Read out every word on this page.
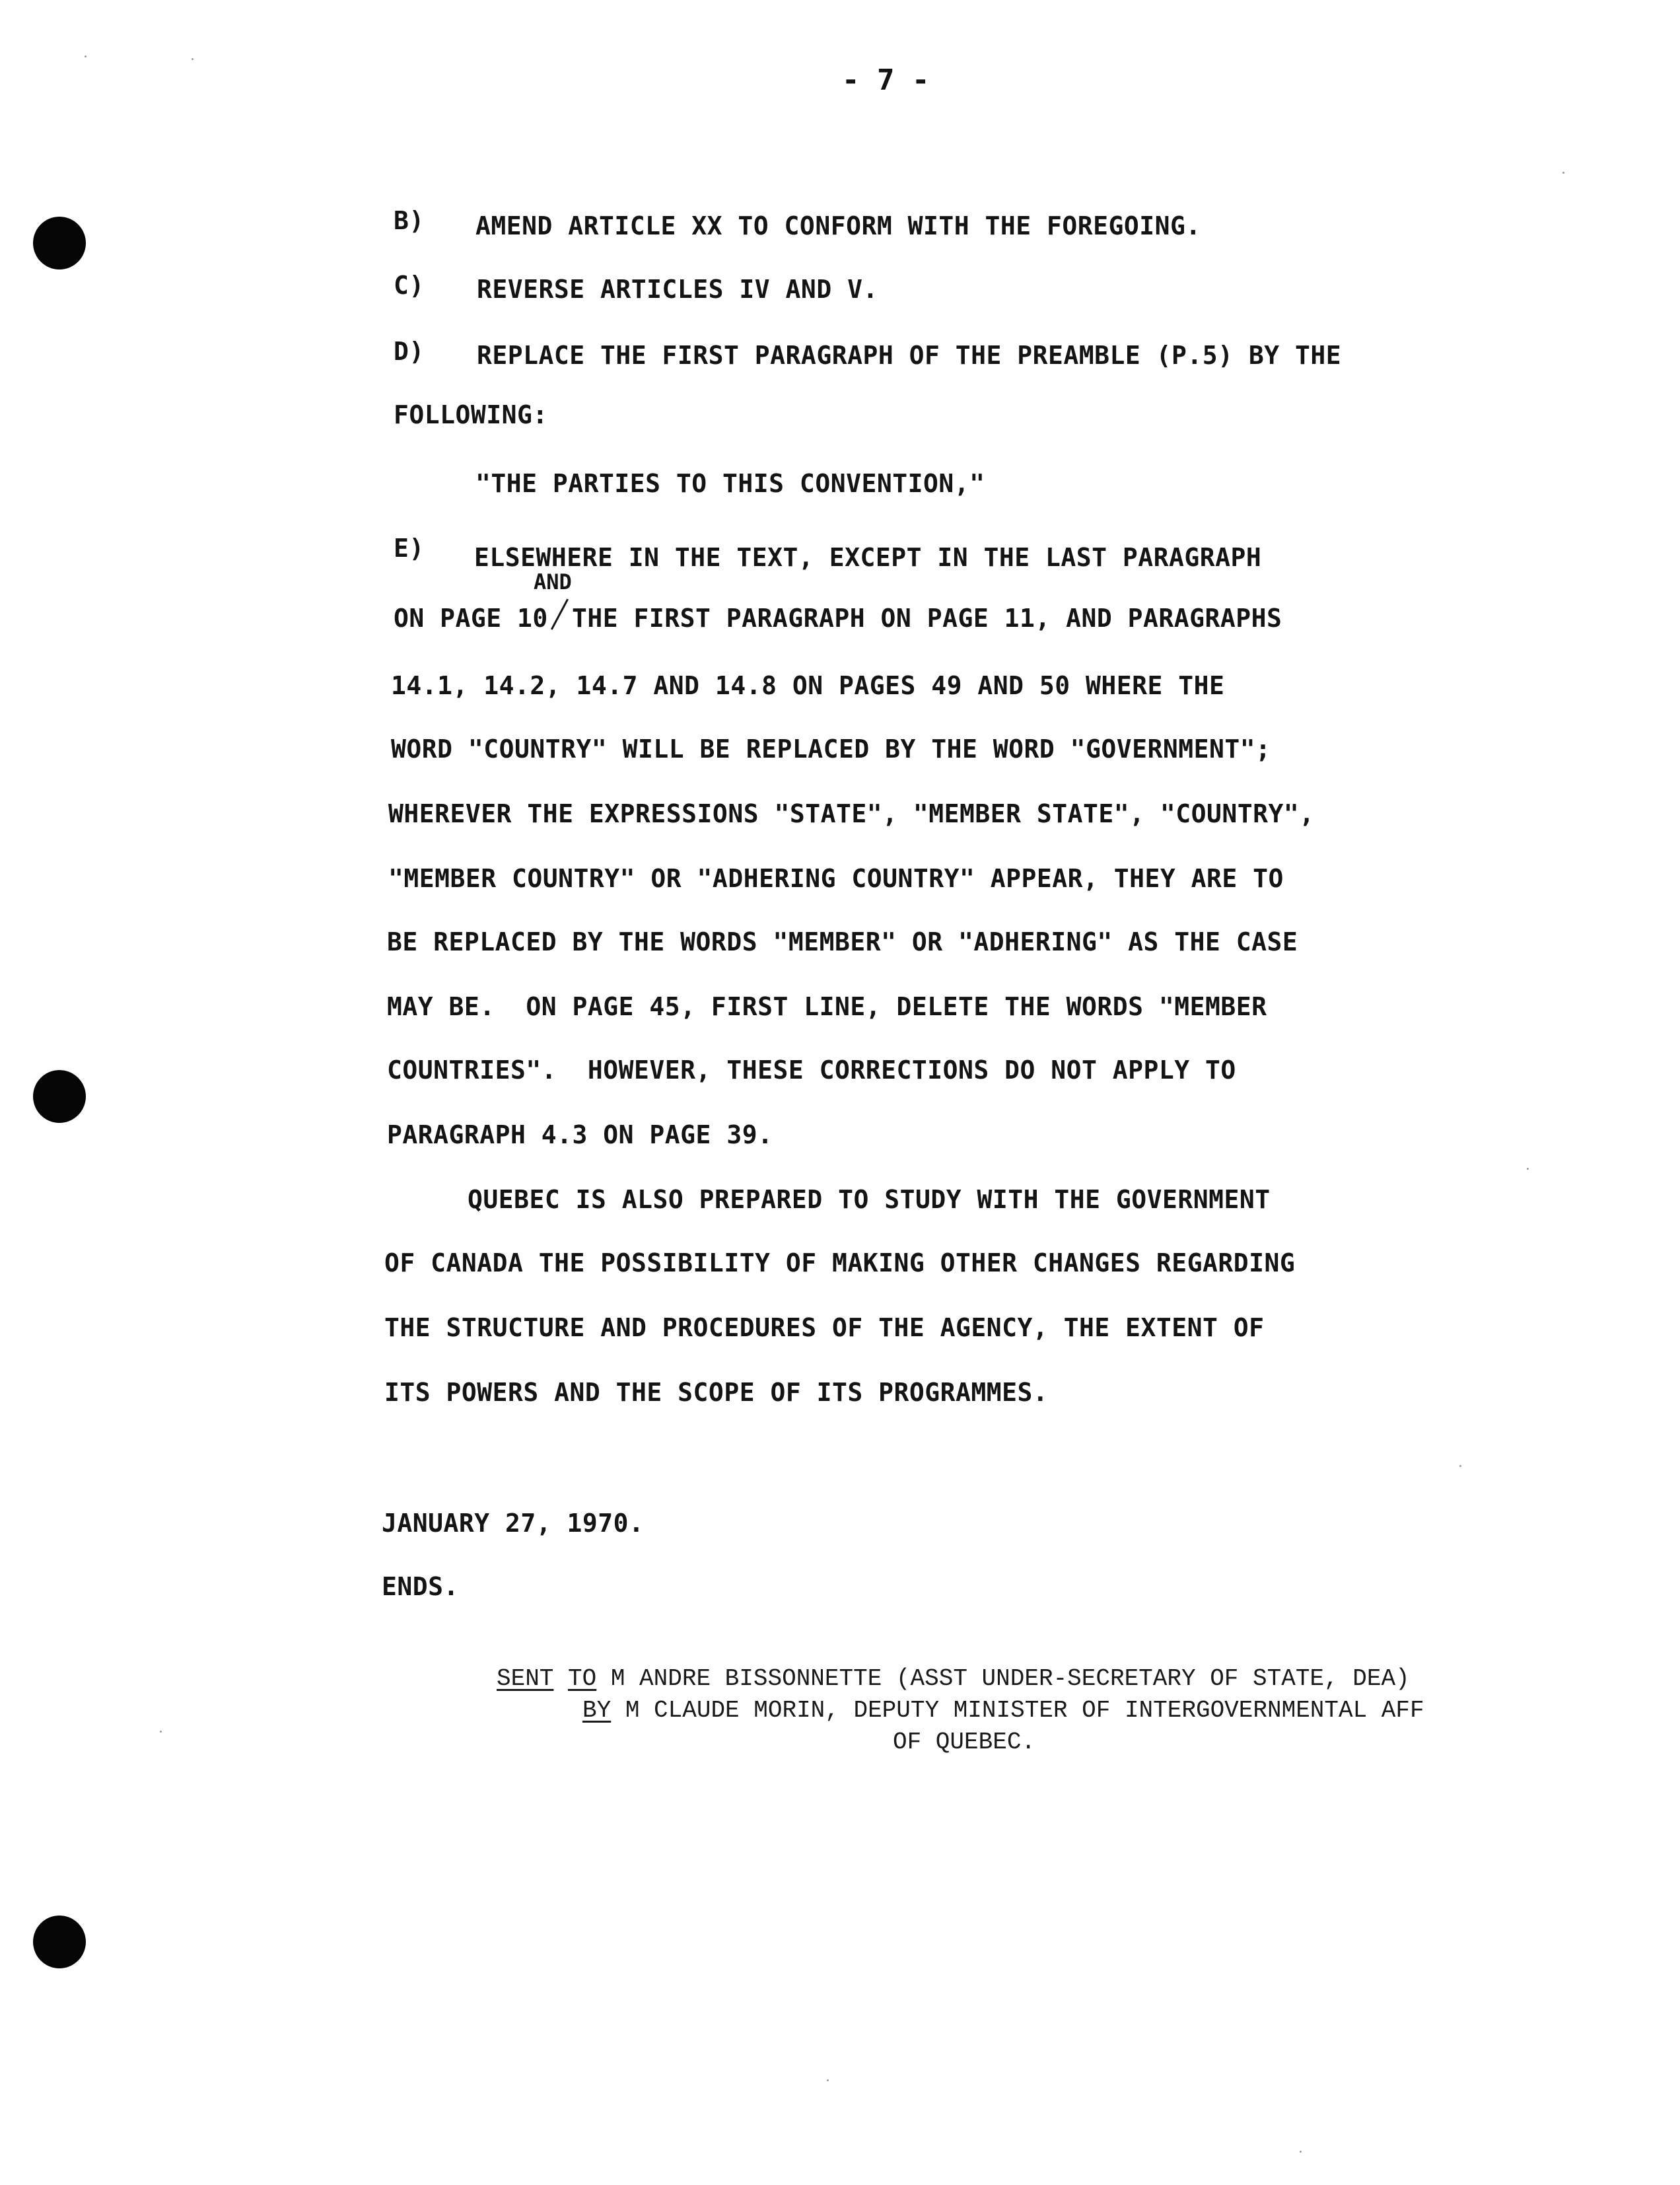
- 7 -
B) AMEND ARTICLE XX TO CONFORM WITH THE FOREGOING.
C) REVERSE ARTICLES IV AND V.
D) REPLACE THE FIRST PARAGRAPH OF THE PREAMBLE (P.5) BY THE
FOLLOWING:
"THE PARTIES TO THIS CONVENTION,"
E) ELSEWHERE IN THE TEXT, EXCEPT IN THE LAST PARAGRAPH
AND
ON PAGE 10 THE FIRST PARAGRAPH ON PAGE 11, AND PARAGRAPHS
14.1, 14.2, 14.7 AND 14.8 ON PAGES 49 AND 50 WHERE THE
WORD "COUNTRY" WILL BE REPLACED BY THE WORD "GOVERNMENT";
WHEREVER THE EXPRESSIONS "STATE", "MEMBER STATE", "COUNTRY",
"MEMBER COUNTRY" OR "ADHERING COUNTRY" APPEAR, THEY ARE TO
BE REPLACED BY THE WORDS "MEMBER" OR "ADHERING" AS THE CASE
MAY BE.  ON PAGE 45, FIRST LINE, DELETE THE WORDS "MEMBER
COUNTRIES".  HOWEVER, THESE CORRECTIONS DO NOT APPLY TO
PARAGRAPH 4.3 ON PAGE 39.
QUEBEC IS ALSO PREPARED TO STUDY WITH THE GOVERNMENT
OF CANADA THE POSSIBILITY OF MAKING OTHER CHANGES REGARDING
THE STRUCTURE AND PROCEDURES OF THE AGENCY, THE EXTENT OF
ITS POWERS AND THE SCOPE OF ITS PROGRAMMES.
JANUARY 27, 1970.
ENDS.
SENT TO M ANDRE BISSONNETTE (ASST UNDER-SECRETARY OF STATE, DEA)
BY M CLAUDE MORIN, DEPUTY MINISTER OF INTERGOVERNMENTAL AFF
OF QUEBEC.
